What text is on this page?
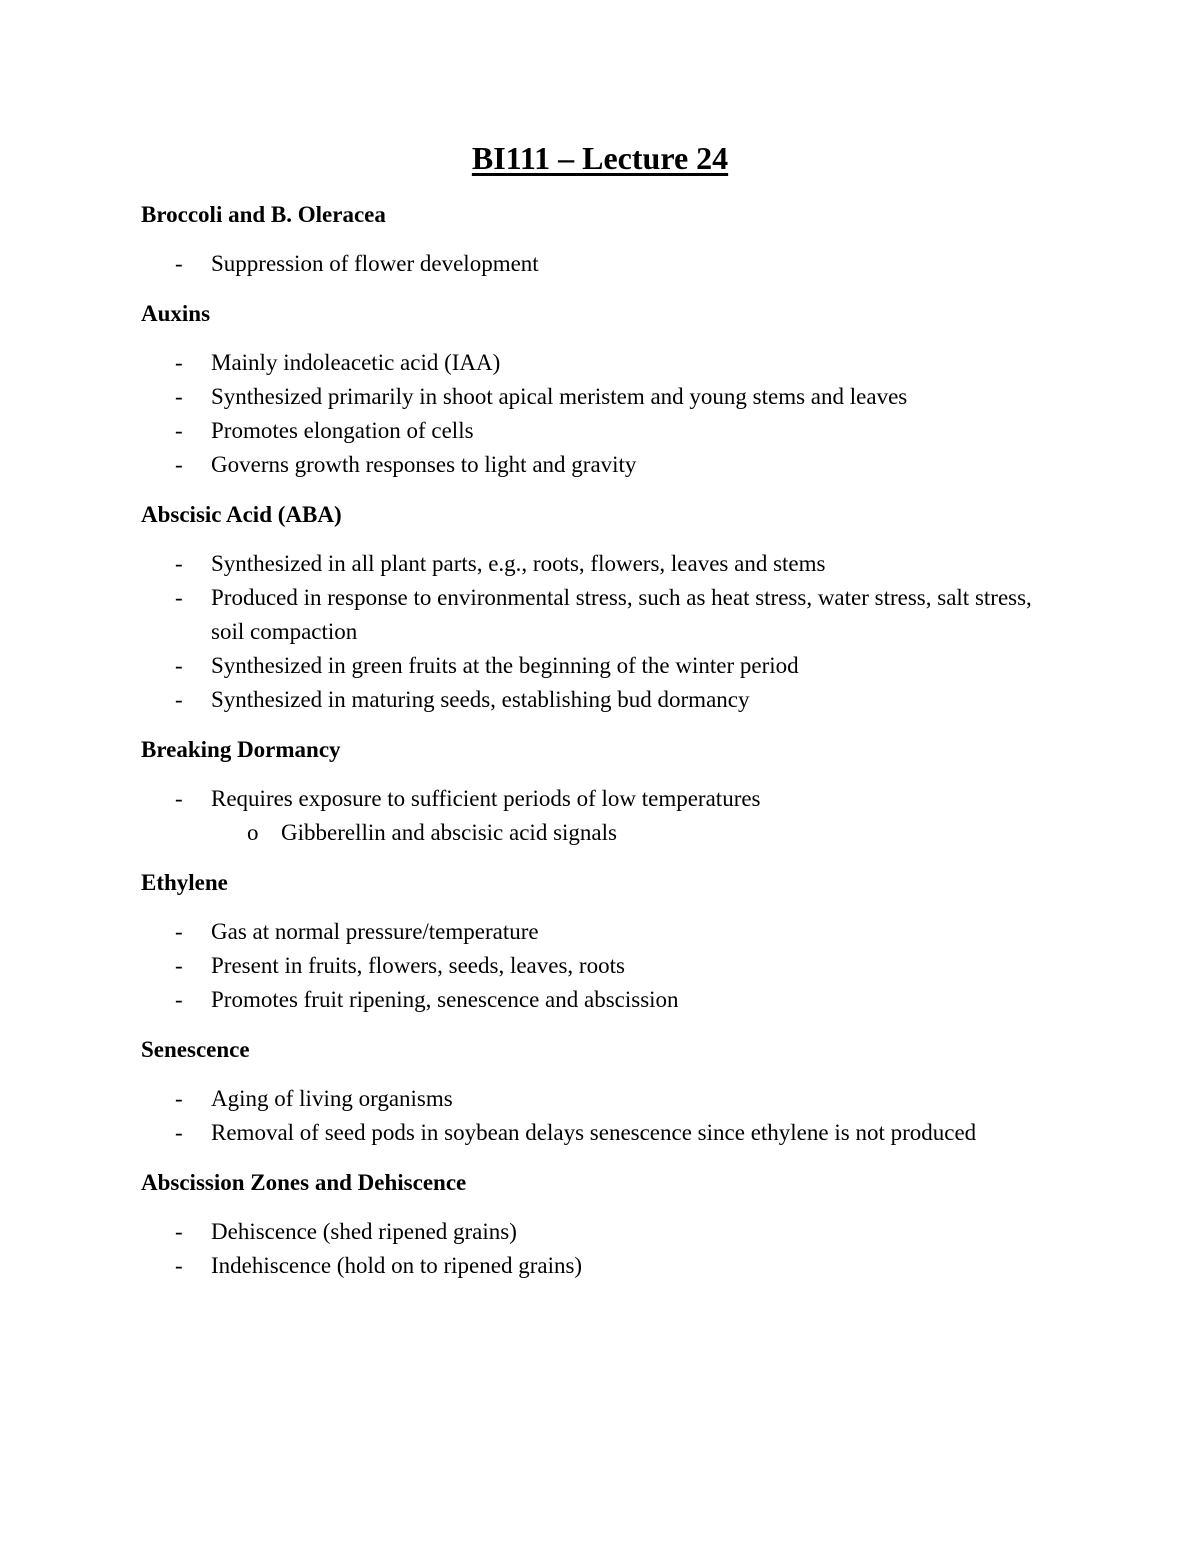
BI111 – Lecture 24
Broccoli and B. Oleracea
- Suppression of flower development
Auxins
- Mainly indoleacetic acid (IAA)
- Synthesized primarily in shoot apical meristem and young stems and leaves
- Promotes elongation of cells
- Governs growth responses to light and gravity
Abscisic Acid (ABA)
- Synthesized in all plant parts, e.g., roots, flowers, leaves and stems
- Produced in response to environmental stress, such as heat stress, water stress, salt stress, soil compaction
- Synthesized in green fruits at the beginning of the winter period
- Synthesized in maturing seeds, establishing bud dormancy
Breaking Dormancy
- Requires exposure to sufficient periods of low temperatures
o Gibberellin and abscisic acid signals
Ethylene
- Gas at normal pressure/temperature
- Present in fruits, flowers, seeds, leaves, roots
- Promotes fruit ripening, senescence and abscission
Senescence
- Aging of living organisms
- Removal of seed pods in soybean delays senescence since ethylene is not produced
Abscission Zones and Dehiscence
- Dehiscence (shed ripened grains)
- Indehiscence (hold on to ripened grains)
